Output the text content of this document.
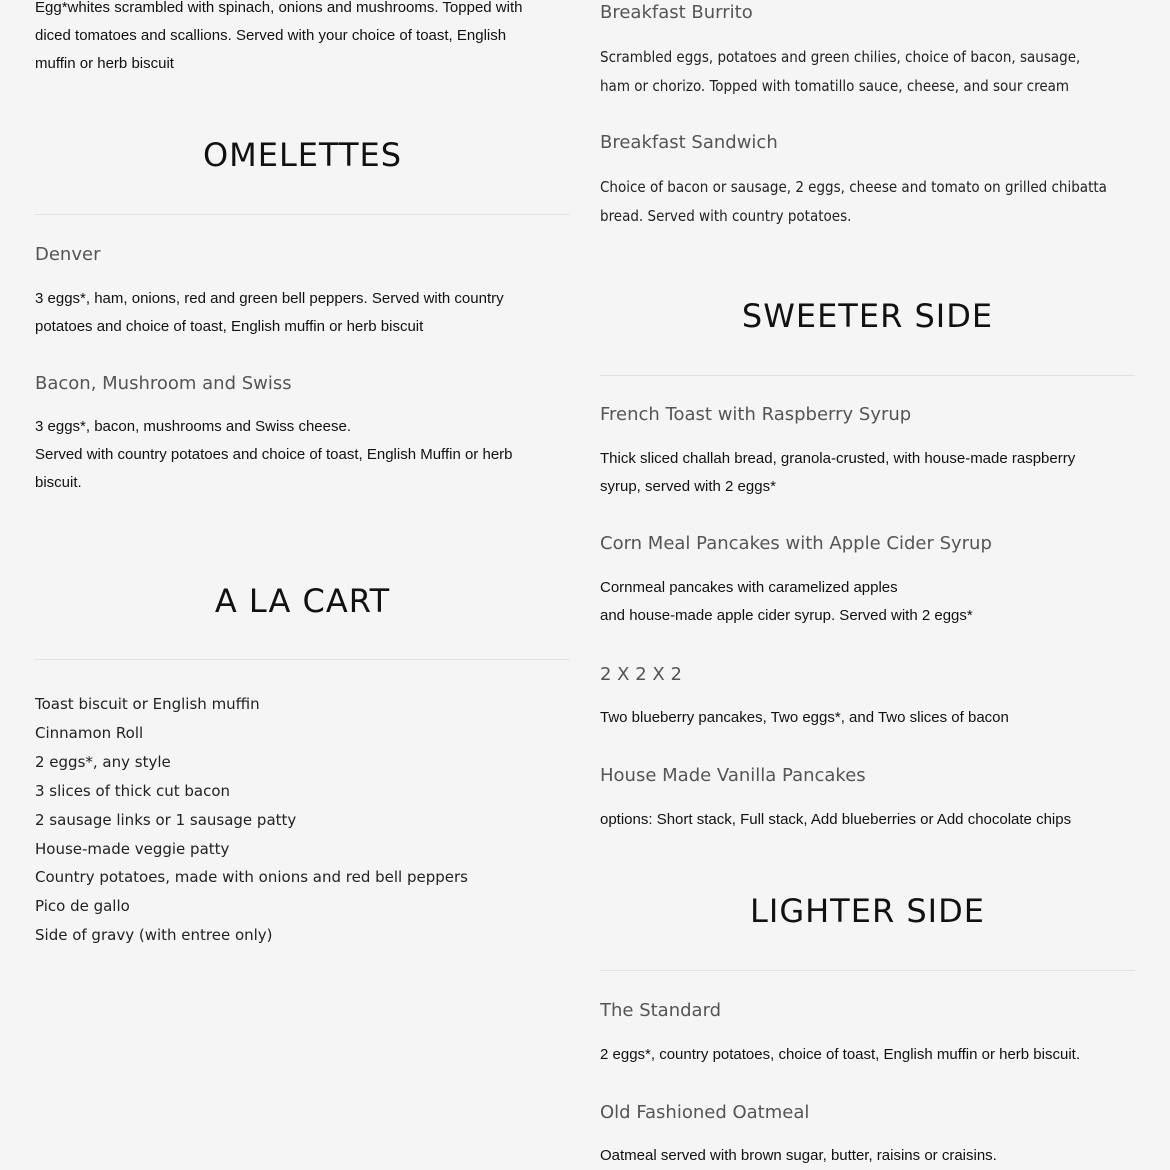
Egg*whites scrambled with spinach, onions and mushrooms. Topped with
diced tomatoes and scallions. Served with your choice of toast, English
muffin or herb biscuit

OMELETTES
Denver

3 eggs*, ham, onions, red and green bell peppers. Served with country
potatoes and choice of toast, English muffin or herb biscuit

Bacon, Mushroom and Swiss

3 eggs*, bacon, mushrooms and Swiss cheese.
Served with country potatoes and choice of toast, English Muffin or herb
biscuit.

A LA CART
Toast biscuit or English muffin
Cinnamon Roll
2 eggs*, any style
3 slices of thick cut bacon
2 sausage links or 1 sausage patty
House-made veggie patty
Country potatoes, made with onions and red bell peppers
Pico de gallo
Side of gravy (with entree only)
Breakfast Burrito

Scrambled eggs, potatoes and green chilies, choice of bacon, sausage,
ham or chorizo. Topped with tomatillo sauce, cheese, and sour cream

Breakfast Sandwich

Choice of bacon or sausage, 2 eggs, cheese and tomato on grilled chibatta
bread. Served with country potatoes.

SWEETER SIDE
French Toast with Raspberry Syrup

Thick sliced challah bread, granola-crusted, with house-made raspberry
syrup, served with 2 eggs*

Corn Meal Pancakes with Apple Cider Syrup

Cornmeal pancakes with caramelized apples
and house-made apple cider syrup. Served with 2 eggs*

2 X 2 X 2

Two blueberry pancakes, Two eggs*, and Two slices of bacon

House Made Vanilla Pancakes

options: Short stack, Full stack, Add blueberries or Add chocolate chips

LIGHTER SIDE
The Standard

2 eggs*, country potatoes, choice of toast, English muffin or herb biscuit.

Old Fashioned Oatmeal

Oatmeal served with brown sugar, butter, raisins or craisins.
